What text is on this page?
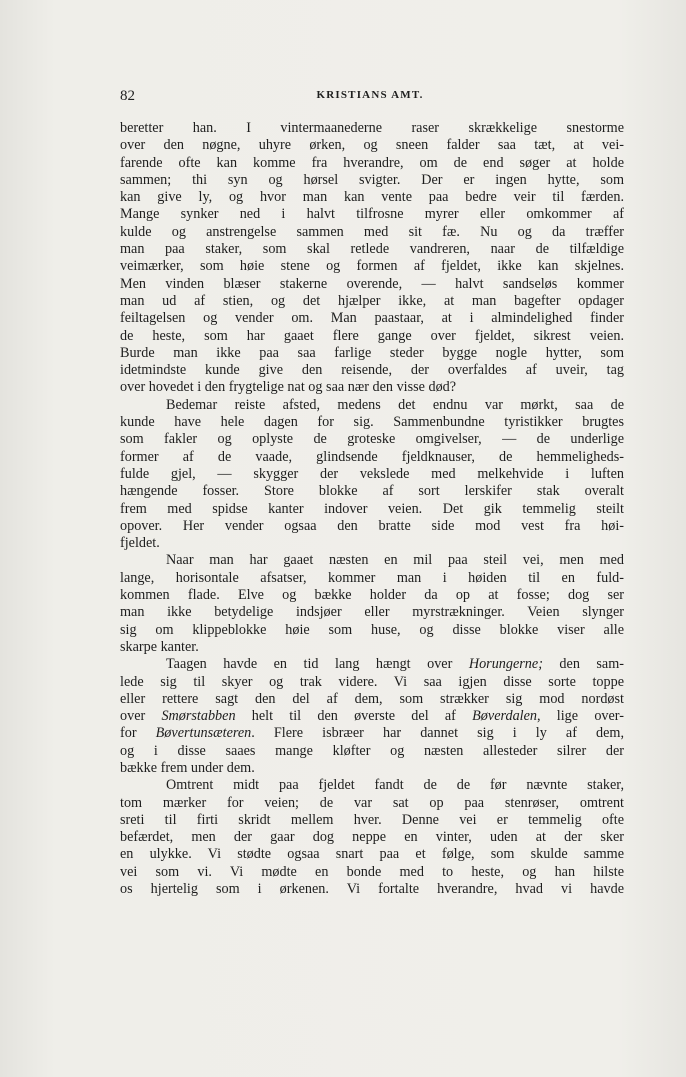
82	KRISTIANS AMT.
beretter han. I vintermaanederne raser skrækkelige snestorme
over den nøgne, uhyre ørken, og sneen falder saa tæt, at vei-
farende ofte kan komme fra hverandre, om de end søger at holde
sammen; thi syn og hørsel svigter. Der er ingen hytte, som
kan give ly, og hvor man kan vente paa bedre veir til færden.
Mange synker ned i halvt tilfrosne myrer eller omkommer af
kulde og anstrengelse sammen med sit fæ. Nu og da træffer
man paa staker, som skal retlede vandreren, naar de tilfældige
veimærker, som høie stene og formen af fjeldet, ikke kan skjelnes.
Men vinden blæser stakerne overende, — halvt sandseløs kommer
man ud af stien, og det hjælper ikke, at man bagefter opdager
feiltagelsen og vender om. Man paastaar, at i almindelighed finder
de heste, som har gaaet flere gange over fjeldet, sikrest veien.
Burde man ikke paa saa farlige steder bygge nogle hytter, som
idetmindste kunde give den reisende, der overfaldes af uveir, tag
over hovedet i den frygtelige nat og saa nær den visse død?
Bedemar reiste afsted, medens det endnu var mørkt, saa de
kunde have hele dagen for sig. Sammenbundne tyristikker brugtes
som fakler og oplyste de groteske omgivelser, — de underlige
former af de vaade, glindsende fjeldknauser, de hemmeligheds-
fulde gjel, — skygger der vekslede med melkehvide i luften
hængende fosser. Store blokke af sort lerskifer stak overalt
frem med spidse kanter indover veien. Det gik temmelig steilt
opover. Her vender ogsaa den bratte side mod vest fra høi-
fjeldet.
Naar man har gaaet næsten en mil paa steil vei, men med
lange, horisontale afsatser, kommer man i høiden til en fuld-
kommen flade. Elve og bække holder da op at fosse; dog ser
man ikke betydelige indsjøer eller myrstrækninger. Veien slynger
sig om klippeblokke høie som huse, og disse blokke viser alle
skarpe kanter.
Taagen havde en tid lang hængt over Horungerne; den sam-
lede sig til skyer og trak videre. Vi saa igjen disse sorte toppe
eller rettere sagt den del af dem, som strækker sig mod nordøst
over Smørstabben helt til den øverste del af Bøverdalen, lige over-
for Bøvertunsæteren. Flere isbræer har dannet sig i ly af dem,
og i disse saaes mange kløfter og næsten allesteder silrer der
bække frem under dem.
Omtrent midt paa fjeldet fandt de de før nævnte staker,
tom mærker for veien; de var sat op paa stenrøser, omtrent
sreti til firti skridt mellem hver. Denne vei er temmelig ofte
befærdet, men der gaar dog neppe en vinter, uden at der sker
en ulykke. Vi stødte ogsaa snart paa et følge, som skulde samme
vei som vi. Vi mødte en bonde med to heste, og han hilste
os hjertelig som i ørkenen. Vi fortalte hverandre, hvad vi havde
